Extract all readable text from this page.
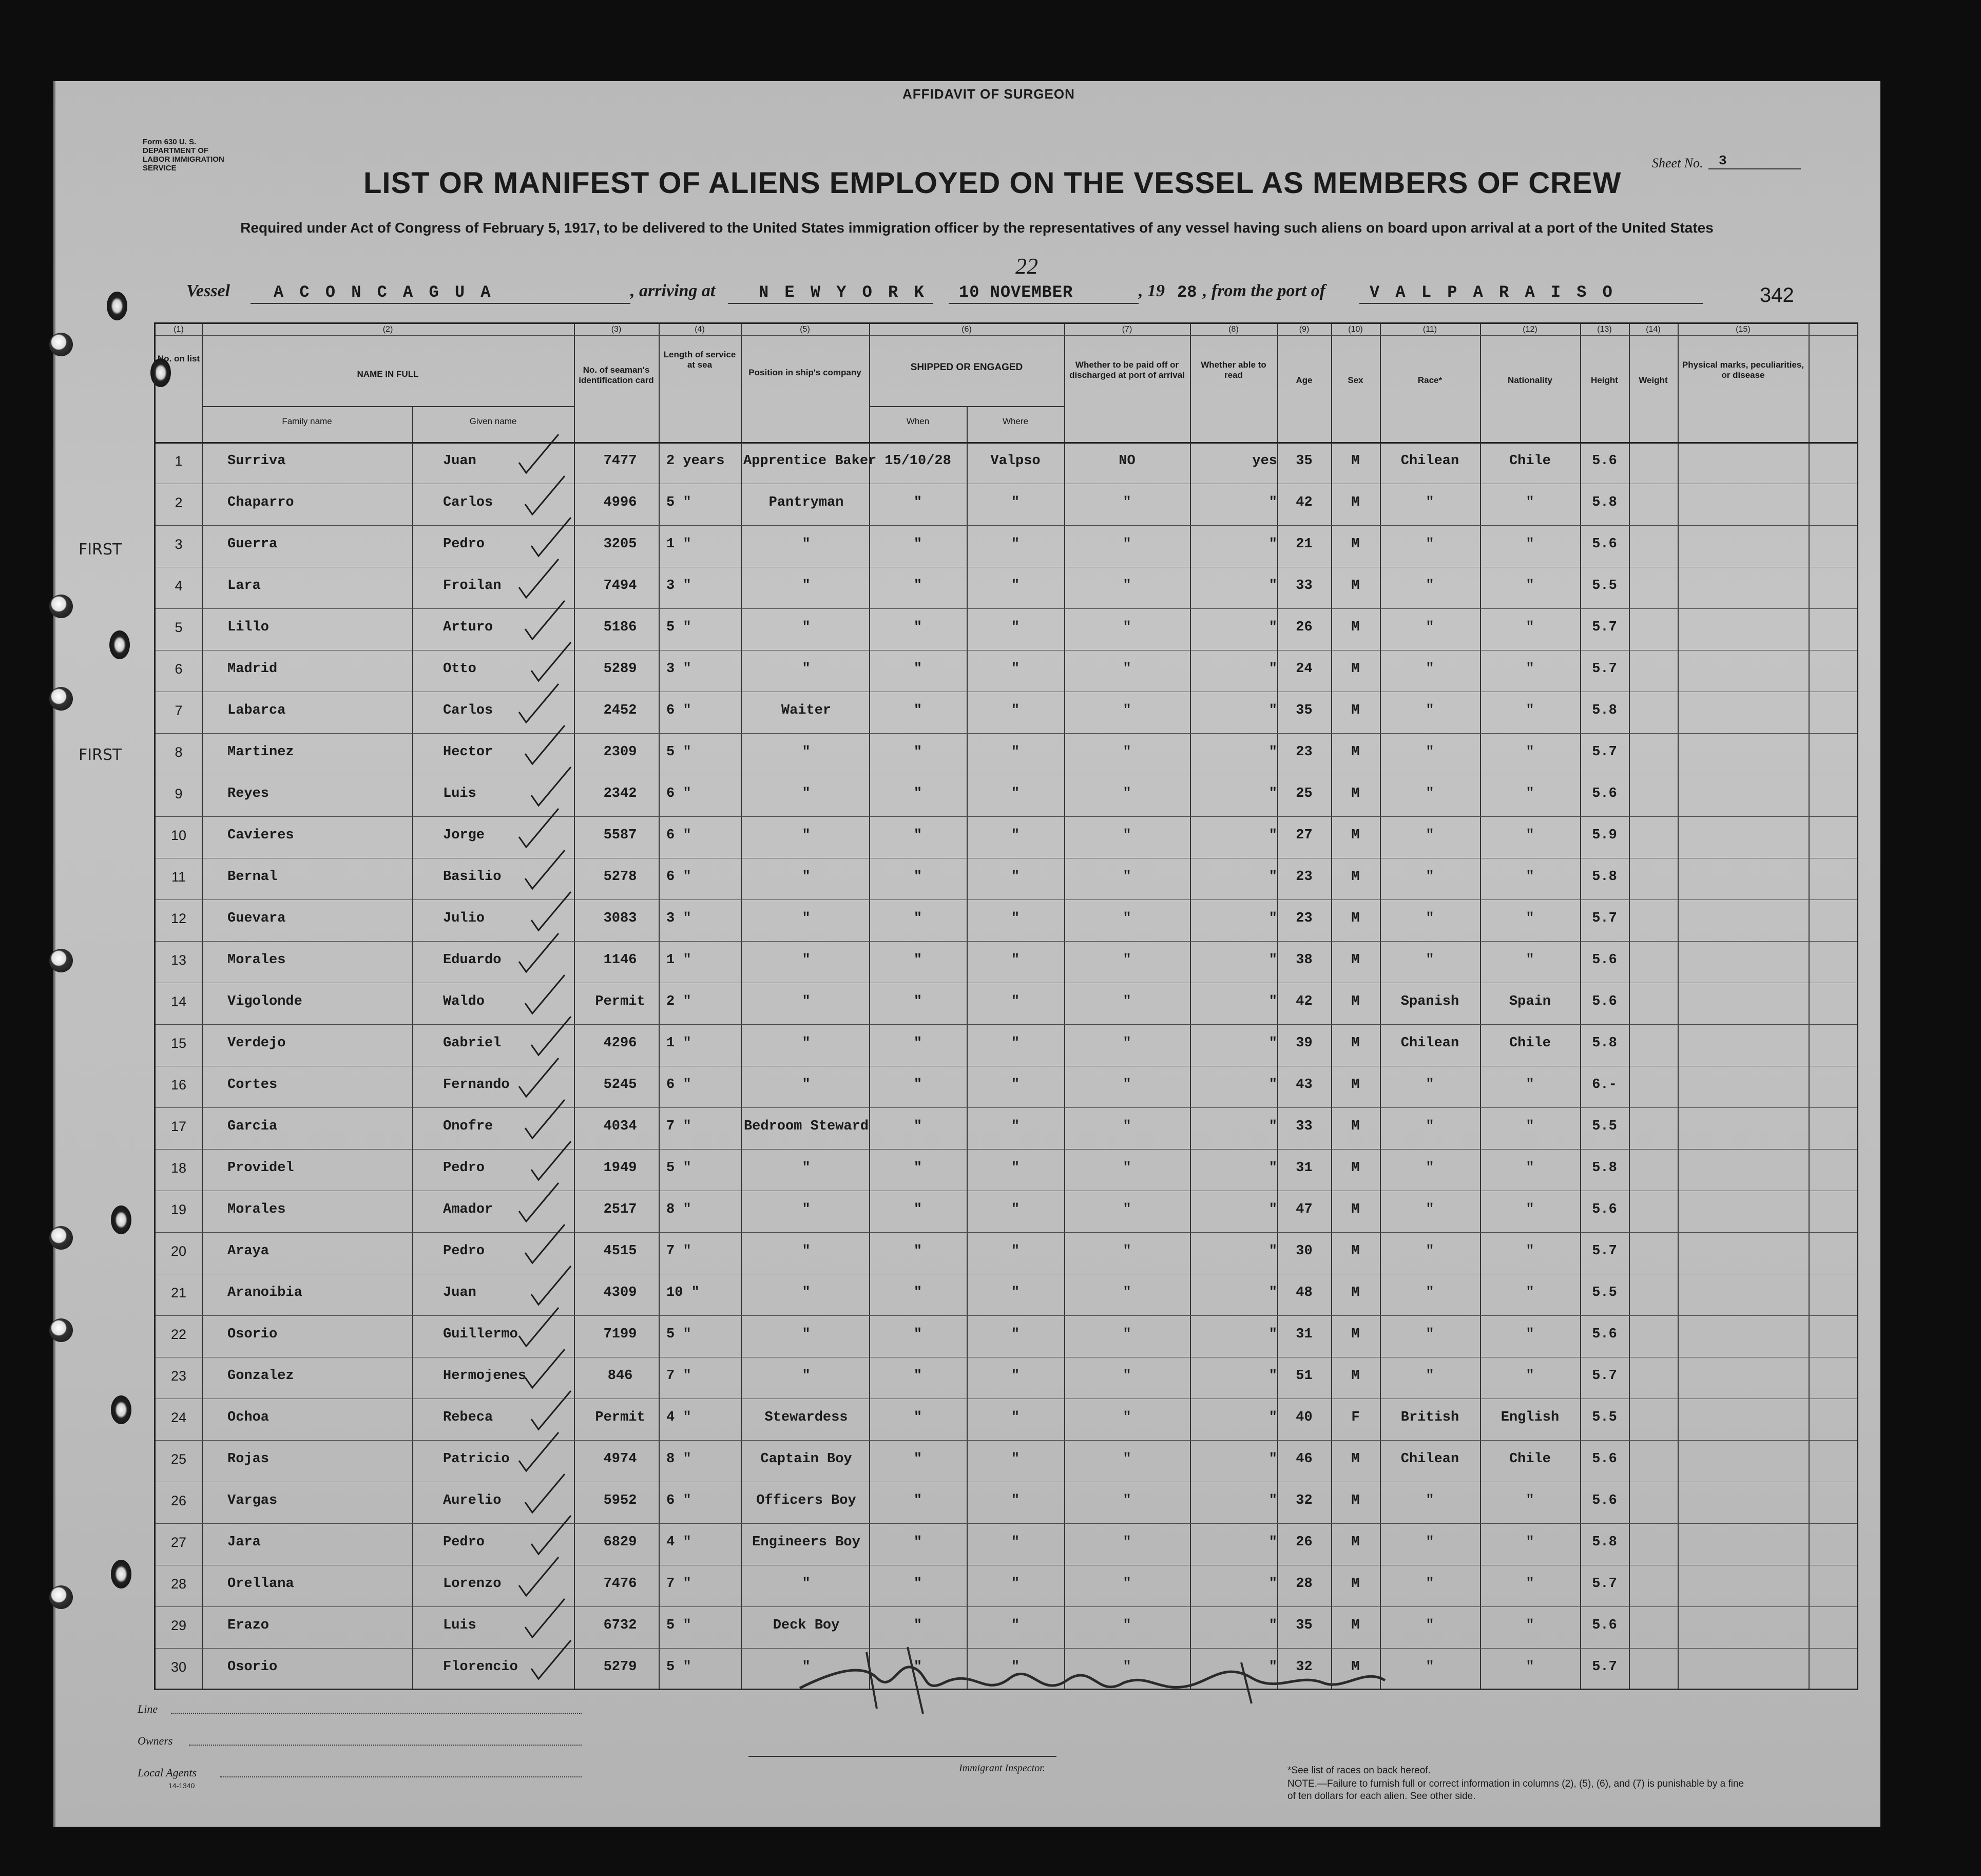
AFFIDAVIT OF SURGEON
Form 630 U. S. DEPARTMENT OF LABOR IMMIGRATION SERVICE	LIST OR MANIFEST OF ALIENS EMPLOYED ON THE VESSEL AS MEMBERS OF CREW
Required under Act of Congress of February 5, 1917, to be delivered to the United States immigration officer by the representatives of any vessel having such aliens on board upon arrival at a port of the United States
Sheet No. 3
Vessel	A C O N C A G U A	, arriving at	N E W Y O R K
22
10 NOVEMBER	, 19 28 , from the port of	V A L P A R A I S O	342
(1)	(2)	(3)	(4)	(5)	(6)	(7)	(8)	(9)	(10)	(11)	(12)	(13)	(14)	(15)
No. on list
NAME IN FULL
Family name	Given name
No. of seaman's identification card
Length of service at sea
Position in ship's company	SHIPPED OR ENGAGED
When	Where
Whether to be paid off or discharged at port of arrival
Whether able to read
Age	Sex	Race*	Nationality	Height	Weight
Physical marks, peculiarities, or disease
1	Surriva	Juan	7477	2 years	Apprentice Baker 15/10/28	Valpso	NO	yes	35	M	Chilean	Chile	5.6
2	Chaparro	Carlos	4996	5 "	Pantryman	"	"	"	"	42	M	"	"	5.8
3	Guerra	Pedro	3205	1 "	"	"	"	"	"	21	M	"	"	5.6
4	Lara	Froilan	7494	3 "	"	"	"	"	"	33	M	"	"	5.5
5	Lillo	Arturo	5186	5 "	"	"	"	"	"	26	M	"	"	5.7
6	Madrid	Otto	5289	3 "	"	"	"	"	"	24	M	"	"	5.7
7	Labarca	Carlos	2452	6 "	Waiter	"	"	"	"	35	M	"	"	5.8
8	Martinez	Hector	2309	5 "	"	"	"	"	"	23	M	"	"	5.7
9	Reyes	Luis	2342	6 "	"	"	"	"	"	25	M	"	"	5.6
10	Cavieres	Jorge	5587	6 "	"	"	"	"	"	27	M	"	"	5.9
11	Bernal	Basilio	5278	6 "	"	"	"	"	"	23	M	"	"	5.8
12	Guevara	Julio	3083	3 "	"	"	"	"	"	23	M	"	"	5.7
13	Morales	Eduardo	1146	1 "	"	"	"	"	"	38	M	"	"	5.6
14	Vigolonde	Waldo	Permit	2 "	"	"	"	"	"	42	M	Spanish	Spain	5.6
15	Verdejo	Gabriel	4296	1 "	"	"	"	"	"	39	M	Chilean	Chile	5.8
16	Cortes	Fernando	5245	6 "	"	"	"	"	"	43	M	"	"	6.-
17	Garcia	Onofre	4034	7 "	Bedroom Steward	"	"	"	"	33	M	"	"	5.5
18	Providel	Pedro	1949	5 "	"	"	"	"	"	31	M	"	"	5.8
19	Morales	Amador	2517	8 "	"	"	"	"	"	47	M	"	"	5.6
20	Araya	Pedro	4515	7 "	"	"	"	"	"	30	M	"	"	5.7
21	Aranoibia	Juan	4309	10 "	"	"	"	"	"	48	M	"	"	5.5
22	Osorio	Guillermo	7199	5 "	"	"	"	"	"	31	M	"	"	5.6
23	Gonzalez	Hermojenes	846	7 "	"	"	"	"	"	51	M	"	"	5.7
24	Ochoa	Rebeca	Permit	4 "	Stewardess	"	"	"	"	40	F	British	English	5.5
25	Rojas	Patricio	4974	8 "	Captain Boy	"	"	"	"	46	M	Chilean	Chile	5.6
26	Vargas	Aurelio	5952	6 "	Officers Boy	"	"	"	"	32	M	"	"	5.6
27	Jara	Pedro	6829	4 "	Engineers Boy	"	"	"	"	26	M	"	"	5.8
28	Orellana	Lorenzo	7476	7 "	"	"	"	"	"	28	M	"	"	5.7
29	Erazo	Luis	6732	5 "	Deck Boy	"	"	"	"	35	M	"	"	5.6
30	Osorio	Florencio	5279	5 "	"	"	"	"	"	32	M	"	"	5.7
FIRST
FIRST
Line
Owners
Local Agents
14-1340
Immigrant Inspector.	*See list of races on back hereof.
NOTE.—Failure to furnish full or correct information in columns (2), (5), (6), and (7) is punishable by a fine of ten dollars for each alien. See other side.
